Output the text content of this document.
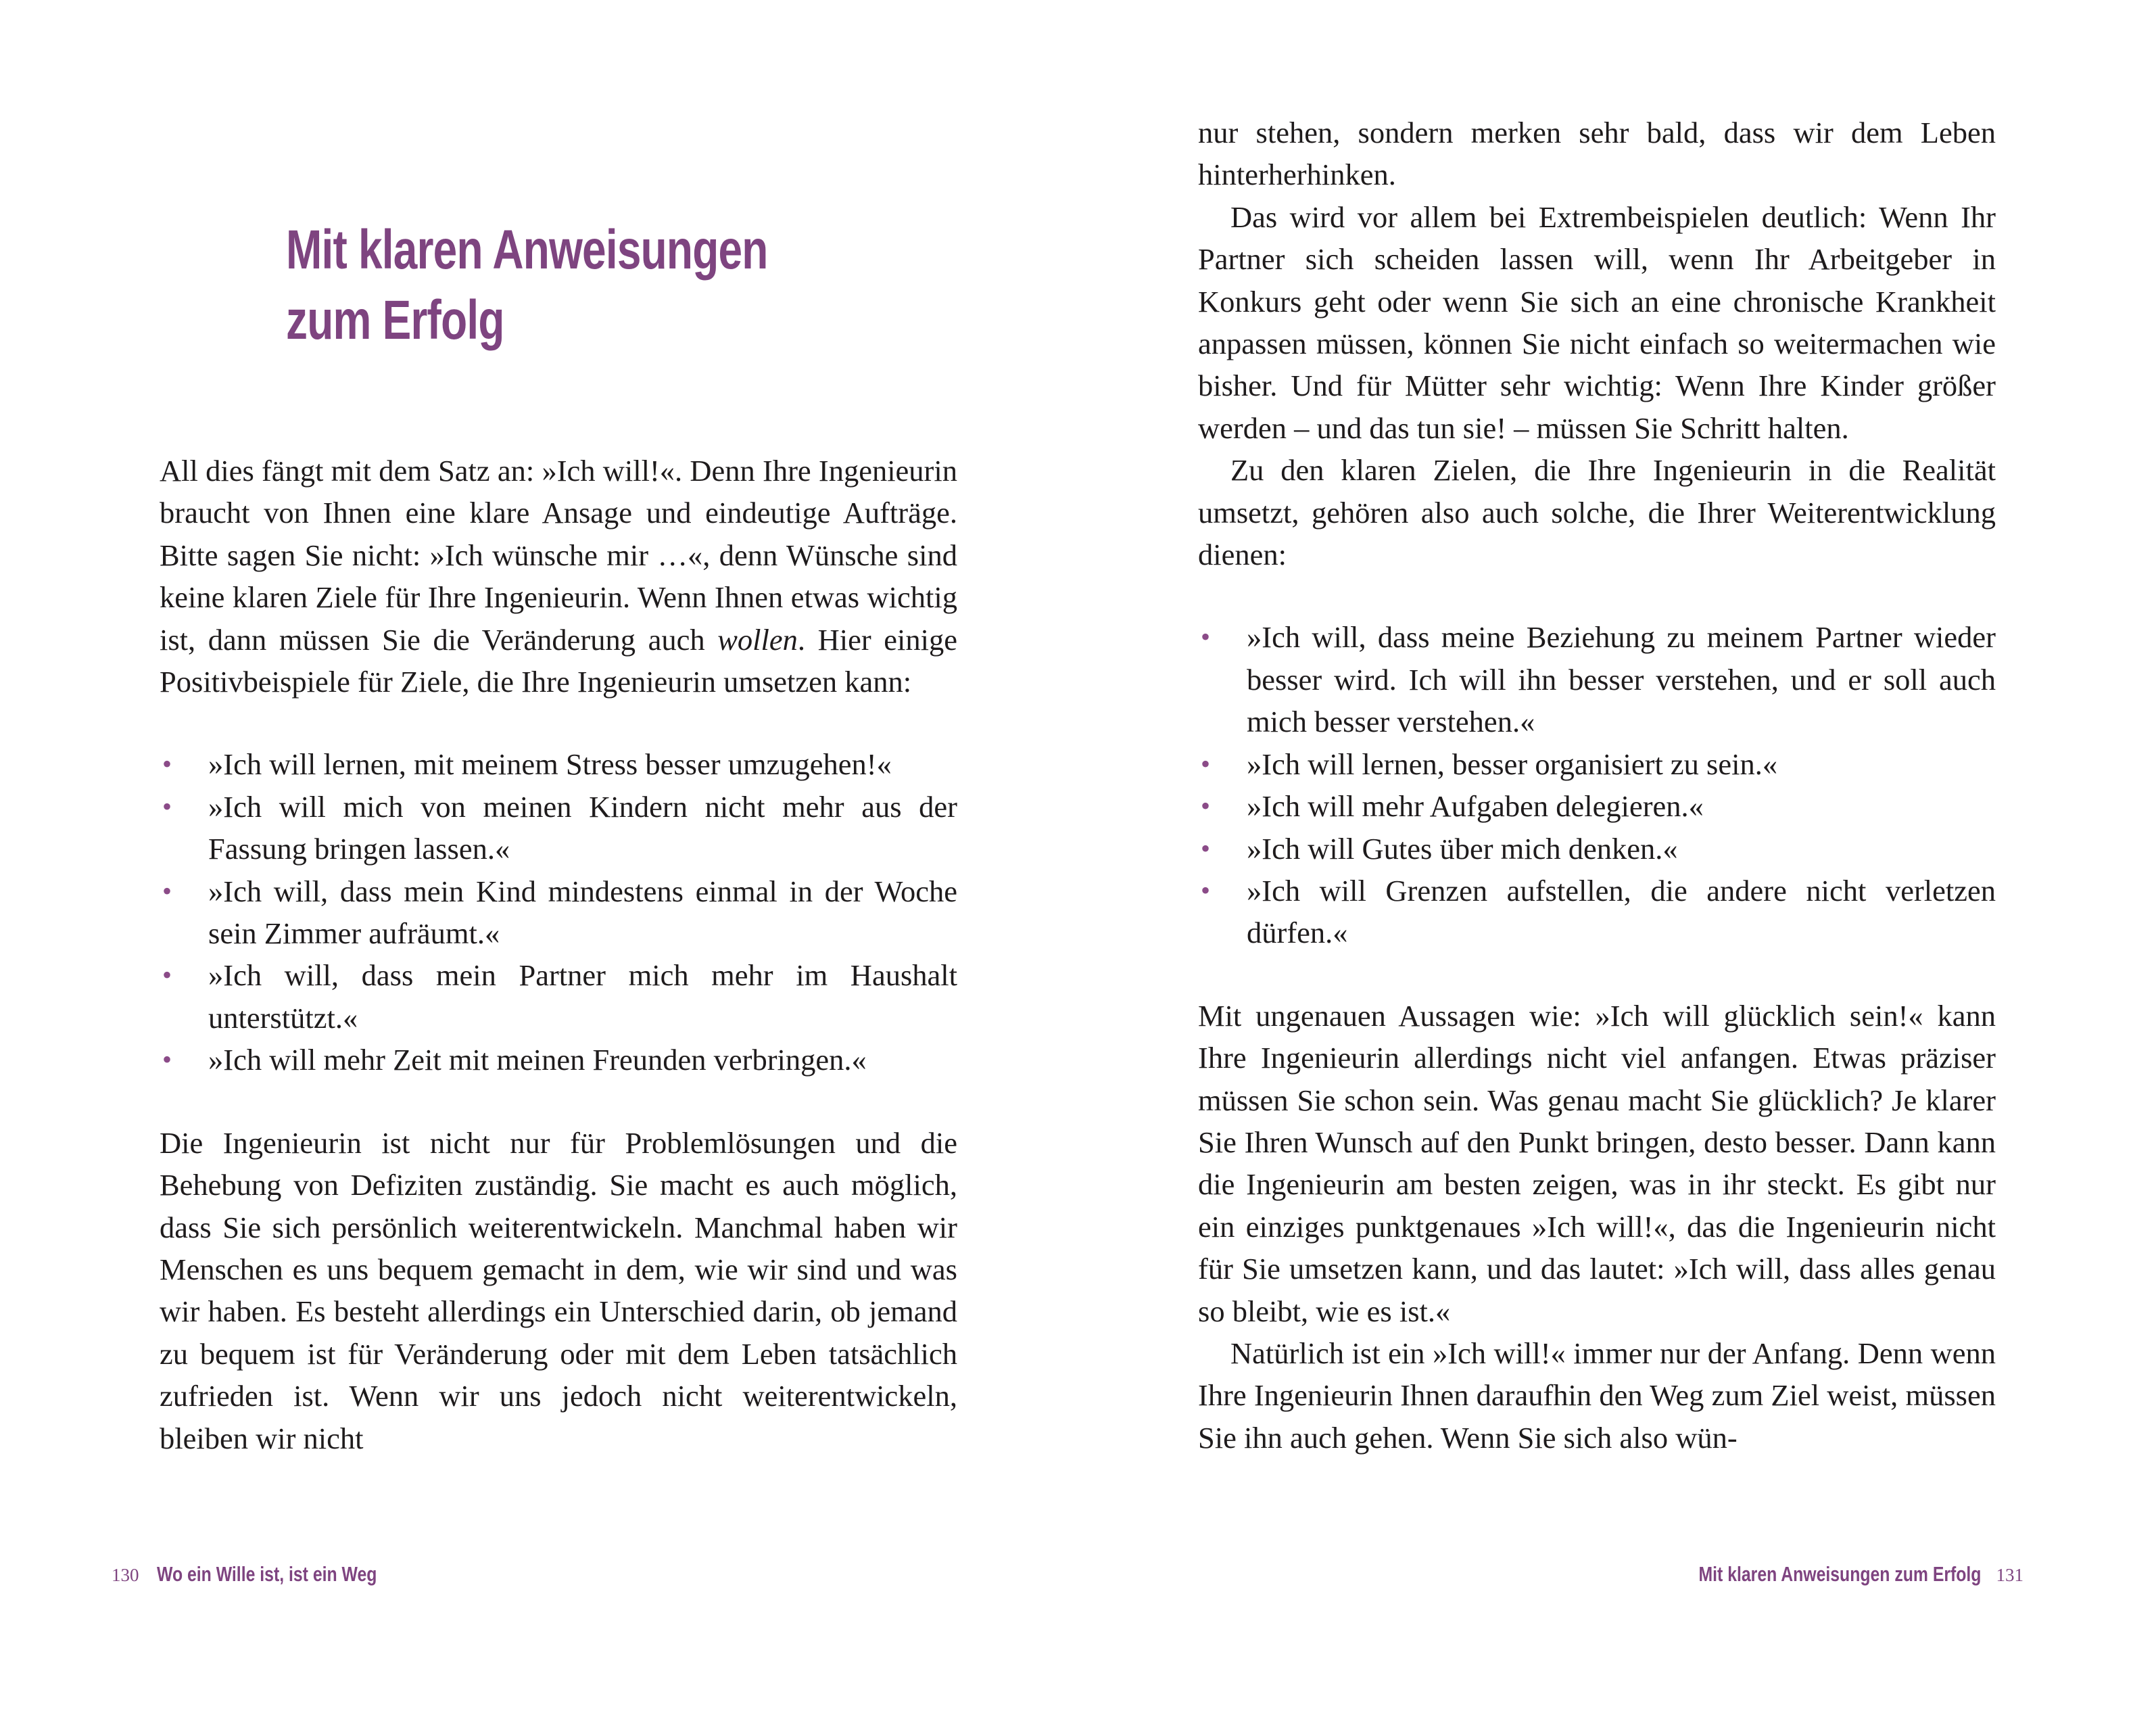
Mit klaren Anweisungen
zum Erfolg

All dies fängt mit dem Satz an: »Ich will!«. Denn Ihre Ingenieurin braucht von Ihnen eine klare Ansage und eindeutige Aufträge. Bitte sagen Sie nicht: »Ich wünsche mir …«, denn Wünsche sind keine klaren Ziele für Ihre Ingenieurin. Wenn Ihnen etwas wichtig ist, dann müssen Sie die Veränderung auch wollen. Hier einige Positivbeispiele für Ziele, die Ihre Ingenieurin umsetzen kann:

• »Ich will lernen, mit meinem Stress besser umzugehen!«
• »Ich will mich von meinen Kindern nicht mehr aus der Fassung bringen lassen.«
• »Ich will, dass mein Kind mindestens einmal in der Woche sein Zimmer aufräumt.«
• »Ich will, dass mein Partner mich mehr im Haushalt unterstützt.«
• »Ich will mehr Zeit mit meinen Freunden verbringen.«

Die Ingenieurin ist nicht nur für Problemlösungen und die Behebung von Defiziten zuständig. Sie macht es auch möglich, dass Sie sich persönlich weiterentwickeln. Manchmal haben wir Menschen es uns bequem gemacht in dem, wie wir sind und was wir haben. Es besteht allerdings ein Unterschied darin, ob jemand zu bequem ist für Veränderung oder mit dem Leben tatsächlich zufrieden ist. Wenn wir uns jedoch nicht weiterentwickeln, bleiben wir nicht

130 Wo ein Wille ist, ist ein Weg

nur stehen, sondern merken sehr bald, dass wir dem Leben hinterherhinken.

Das wird vor allem bei Extrembeispielen deutlich: Wenn Ihr Partner sich scheiden lassen will, wenn Ihr Arbeitgeber in Konkurs geht oder wenn Sie sich an eine chronische Krankheit anpassen müssen, können Sie nicht einfach so weitermachen wie bisher. Und für Mütter sehr wichtig: Wenn Ihre Kinder größer werden – und das tun sie! – müssen Sie Schritt halten.

Zu den klaren Zielen, die Ihre Ingenieurin in die Realität umsetzt, gehören also auch solche, die Ihrer Weiterentwicklung dienen:

• »Ich will, dass meine Beziehung zu meinem Partner wieder besser wird. Ich will ihn besser verstehen, und er soll auch mich besser verstehen.«
• »Ich will lernen, besser organisiert zu sein.«
• »Ich will mehr Aufgaben delegieren.«
• »Ich will Gutes über mich denken.«
• »Ich will Grenzen aufstellen, die andere nicht verletzen dürfen.«

Mit ungenauen Aussagen wie: »Ich will glücklich sein!« kann Ihre Ingenieurin allerdings nicht viel anfangen. Etwas präziser müssen Sie schon sein. Was genau macht Sie glücklich? Je klarer Sie Ihren Wunsch auf den Punkt bringen, desto besser. Dann kann die Ingenieurin am besten zeigen, was in ihr steckt. Es gibt nur ein einziges punktgenaues »Ich will!«, das die Ingenieurin nicht für Sie umsetzen kann, und das lautet: »Ich will, dass alles genau so bleibt, wie es ist.«

Natürlich ist ein »Ich will!« immer nur der Anfang. Denn wenn Ihre Ingenieurin Ihnen daraufhin den Weg zum Ziel weist, müssen Sie ihn auch gehen. Wenn Sie sich also wün-

Mit klaren Anweisungen zum Erfolg 131
